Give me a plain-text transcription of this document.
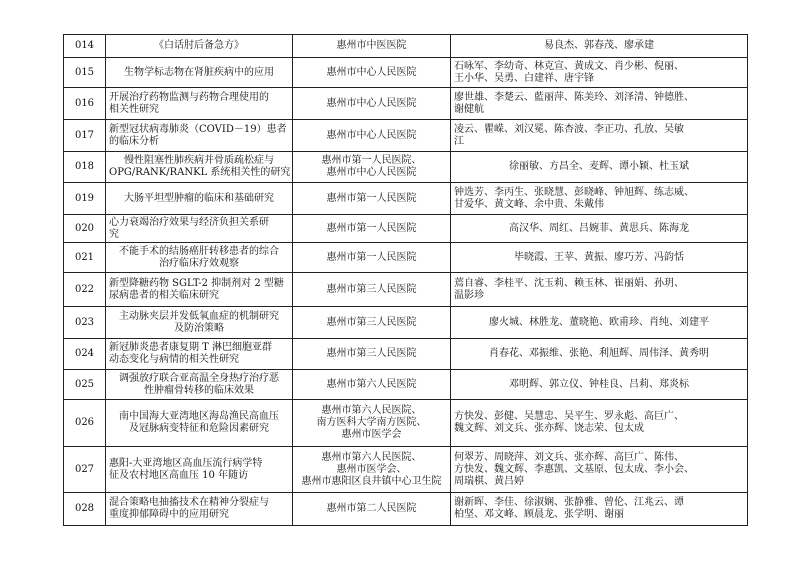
014	《白话肘后备急方》	惠州市中医医院	易良杰、郭春茂、廖承建

015	生物学标志物在肾脏疾病中的应用	惠州市中心人民医院	石咏军、李幼奇、林克宣、黄成文、肖少彬、倪丽、
王小华、吴勇、白建祥、唐宇锋

016	开展治疗药物监测与药物合理使用的
相关性研究	惠州市中心人民医院	廖世雄、李楚云、藍丽萍、陈美玲、刘泽清、钟德胜、
谢健航

017	新型冠状病毒肺炎（COVID－19）患者
的临床分析	惠州市中心人民医院	凌云、瞿嵘、刘汉冕、陈杏波、李正功、孔放、吴敏
江

018	慢性阻塞性肺疾病并骨质疏松症与
OPG/RANK/RANKL 系统相关性的研究	惠州市第一人民医院、
惠州市中心人民医院	徐丽敏、方昌全、麦辉、谭小颖、杜玉斌

019	大肠平坦型肿瘤的临床和基础研究	惠州市第一人民医院	钟选芳、李丙生、张晓慧、彭晓峰、钟旭辉、练志威、
甘爱华、黄文峰、余中贵、朱戴伟

020	心力衰竭治疗效果与经济负担关系研
究	惠州市第一人民医院	高汉华、周红、吕婉菲、黄思兵、陈海龙

021	不能手术的结肠癌肝转移患者的综合
治疗临床疗效观察	惠州市第一人民医院	毕晓霞、王苹、黄振、廖巧芳、冯韵恬

022	新型降糖药物 SGLT-2 抑制剂对 2 型糖
尿病患者的相关临床研究	惠州市第三人民医院	蔫自睿、李桂平、沈玉莉、赖玉林、崔丽娟、孙玥、
温影珍

023	主动脉夹层并发低氧血症的机制研究
及防治策略	惠州市第三人民医院	廖火城、林胜龙、董晓艳、欧甫珍、肖纯、刘建平

024	新冠肺炎患者康复期 T 淋巴细胞亚群
动态变化与病情的相关性研究	惠州市第三人民医院	肖春花、邓振维、张艳、利旭辉、周伟泽、黄秀明

025	调强放疗联合亚高温全身热疗治疗恶
性肿瘤骨转移的临床效果	惠州市第六人民医院	邓明辉、郭立仪、钟桂良、吕莉、郑炎标

026	南中国海大亚湾地区海岛渔民高血压
及冠脉病变特征和危险因素研究	惠州市第六人民医院、
南方医科大学南方医院、
惠州市医学会	方快发、彭健、吴慧忠、吴平生、罗永彪、高巨广、
魏文辉、刘文兵、张亦辉、饶志荣、包太成

027	惠阳-大亚湾地区高血压流行病学特
征及农村地区高血压 10 年随访	惠州市第六人民医院、
惠州市医学会、
惠州市惠阳区良井镇中心卫生院	何翠芳、周晓萍、刘文兵、张亦辉、高巨广、陈伟、
方快发、魏文辉、李惠凯、文基原、包太成、李小会、
周瑞棋、黄吕婷

028	混合策略电抽搐技术在精神分裂症与
重度抑郁障碍中的应用研究	惠州市第二人民医院	谢新晖、李佳、徐淑娴、张静雅、曾伦、江兆云、谭
柏坚、邓文峰、顾晨龙、张学明、谢丽
